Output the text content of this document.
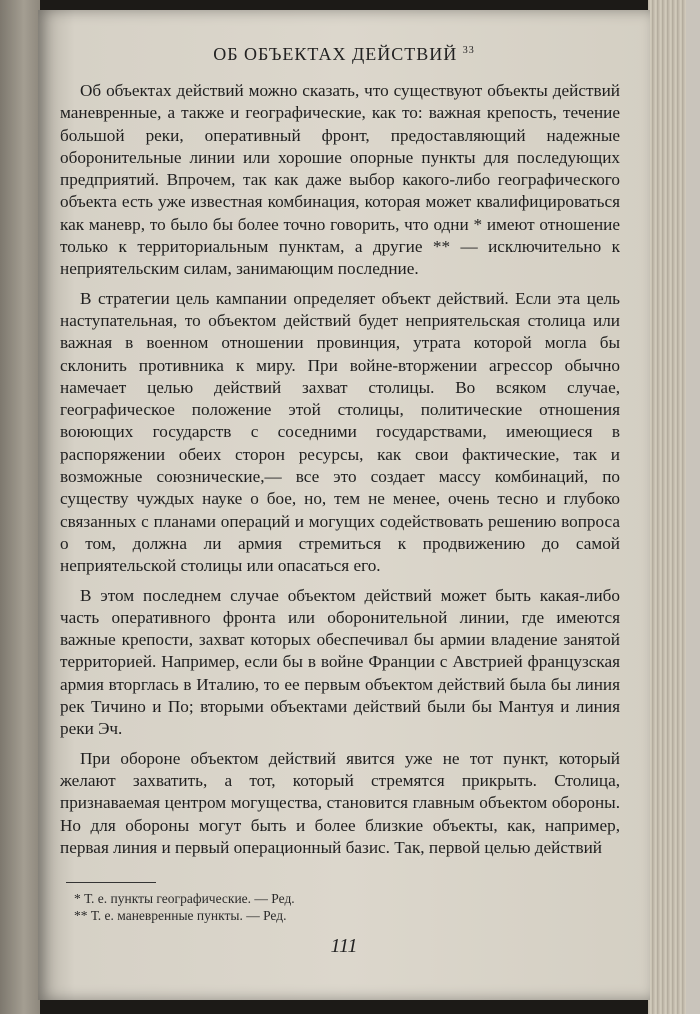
ОБ ОБЪЕКТАХ ДЕЙСТВИЙ $^{33}$

Об объектах действий можно сказать, что существуют объекты действий маневренные, а также и географические, как то: важная крепость, течение большой реки, оперативный фронт, предоставляющий надежные оборонительные линии или хорошие опорные пункты для последующих предприятий. Впрочем, так как даже выбор какого-либо географического объекта есть уже известная комбинация, которая может квалифицироваться как маневр, то было бы более точно говорить, что одни * имеют отношение только к территориальным пунктам, а другие ** — исключительно к неприятельским силам, занимающим последние.

В стратегии цель кампании определяет объект действий. Если эта цель наступательная, то объектом действий будет неприятельская столица или важная в военном отношении провинция, утрата которой могла бы склонить противника к миру. При войне-вторжении агрессор обычно намечает целью действий захват столицы. Во всяком случае, географическое положение этой столицы, политические отношения воюющих государств с соседними государствами, имеющиеся в распоряжении обеих сторон ресурсы, как свои фактические, так и возможные союзнические,— все это создает массу комбинаций, по существу чуждых науке о бое, но, тем не менее, очень тесно и глубоко связанных с планами операций и могущих содействовать решению вопроса о том, должна ли армия стремиться к продвижению до самой неприятельской столицы или опасаться его.

В этом последнем случае объектом действий может быть какая-либо часть оперативного фронта или оборонительной линии, где имеются важные крепости, захват которых обеспечивал бы армии владение занятой территорией. Например, если бы в войне Франции с Австрией французская армия вторглась в Италию, то ее первым объектом действий была бы линия рек Тичино и По; вторыми объектами действий были бы Мантуя и линия реки Эч.

При обороне объектом действий явится уже не тот пункт, который желают захватить, а тот, который стремятся прикрыть. Столица, признаваемая центром могущества, становится главным объектом обороны. Но для обороны могут быть и более близкие объекты, как, например, первая линия и первый операционный базис. Так, первой целью действий

* Т. е. пункты географические. — Ред.
** Т. е. маневренные пункты. — Ред.
111
